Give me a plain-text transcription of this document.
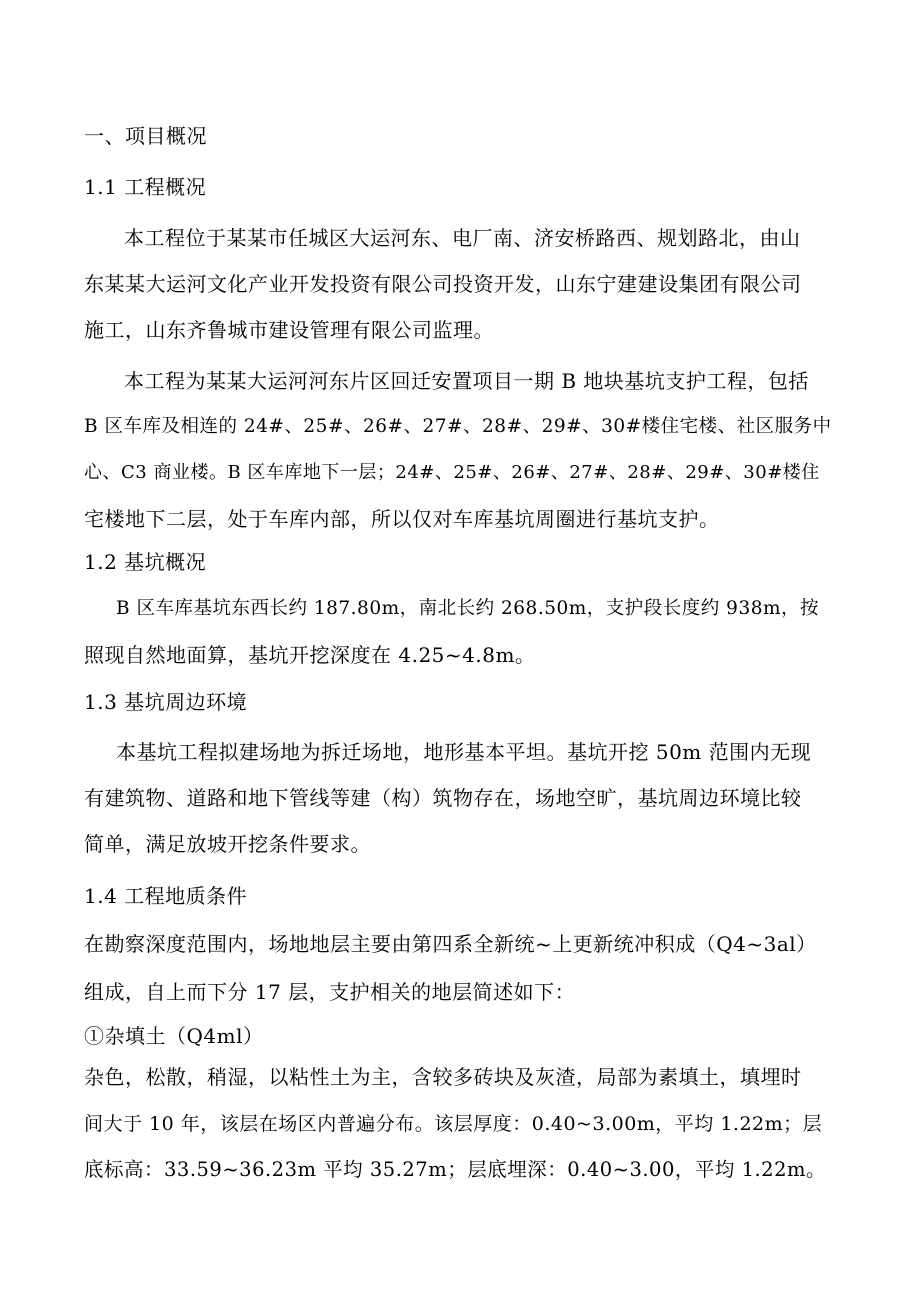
一、项目概况
1.1 工程概况
本工程位于某某市任城区大运河东、电厂南、济安桥路西、规划路北，由山
东某某大运河文化产业开发投资有限公司投资开发，山东宁建建设集团有限公司
施工，山东齐鲁城市建设管理有限公司监理。
本工程为某某大运河河东片区回迁安置项目一期 B 地块基坑支护工程，包括
B 区车库及相连的 24#、25#、26#、27#、28#、29#、30#楼住宅楼、社区服务中
心、C3 商业楼。B 区车库地下一层；24#、25#、26#、27#、28#、29#、30#楼住
宅楼地下二层，处于车库内部，所以仅对车库基坑周圈进行基坑支护。
1.2 基坑概况
B 区车库基坑东西长约 187.80m，南北长约 268.50m，支护段长度约 938m，按
照现自然地面算，基坑开挖深度在 4.25~4.8m。
1.3 基坑周边环境
本基坑工程拟建场地为拆迁场地，地形基本平坦。基坑开挖 50m 范围内无现
有建筑物、道路和地下管线等建（构）筑物存在，场地空旷，基坑周边环境比较
简单，满足放坡开挖条件要求。
1.4 工程地质条件
在勘察深度范围内，场地地层主要由第四系全新统~上更新统冲积成（Q4~3al）
组成，自上而下分 17 层，支护相关的地层简述如下：
①杂填土（Q4ml）
杂色，松散，稍湿，以粘性土为主，含较多砖块及灰渣，局部为素填土，填埋时
间大于 10 年，该层在场区内普遍分布。该层厚度：0.40~3.00m，平均 1.22m；层
底标高：33.59~36.23m 平均 35.27m；层底埋深：0.40~3.00，平均 1.22m。
